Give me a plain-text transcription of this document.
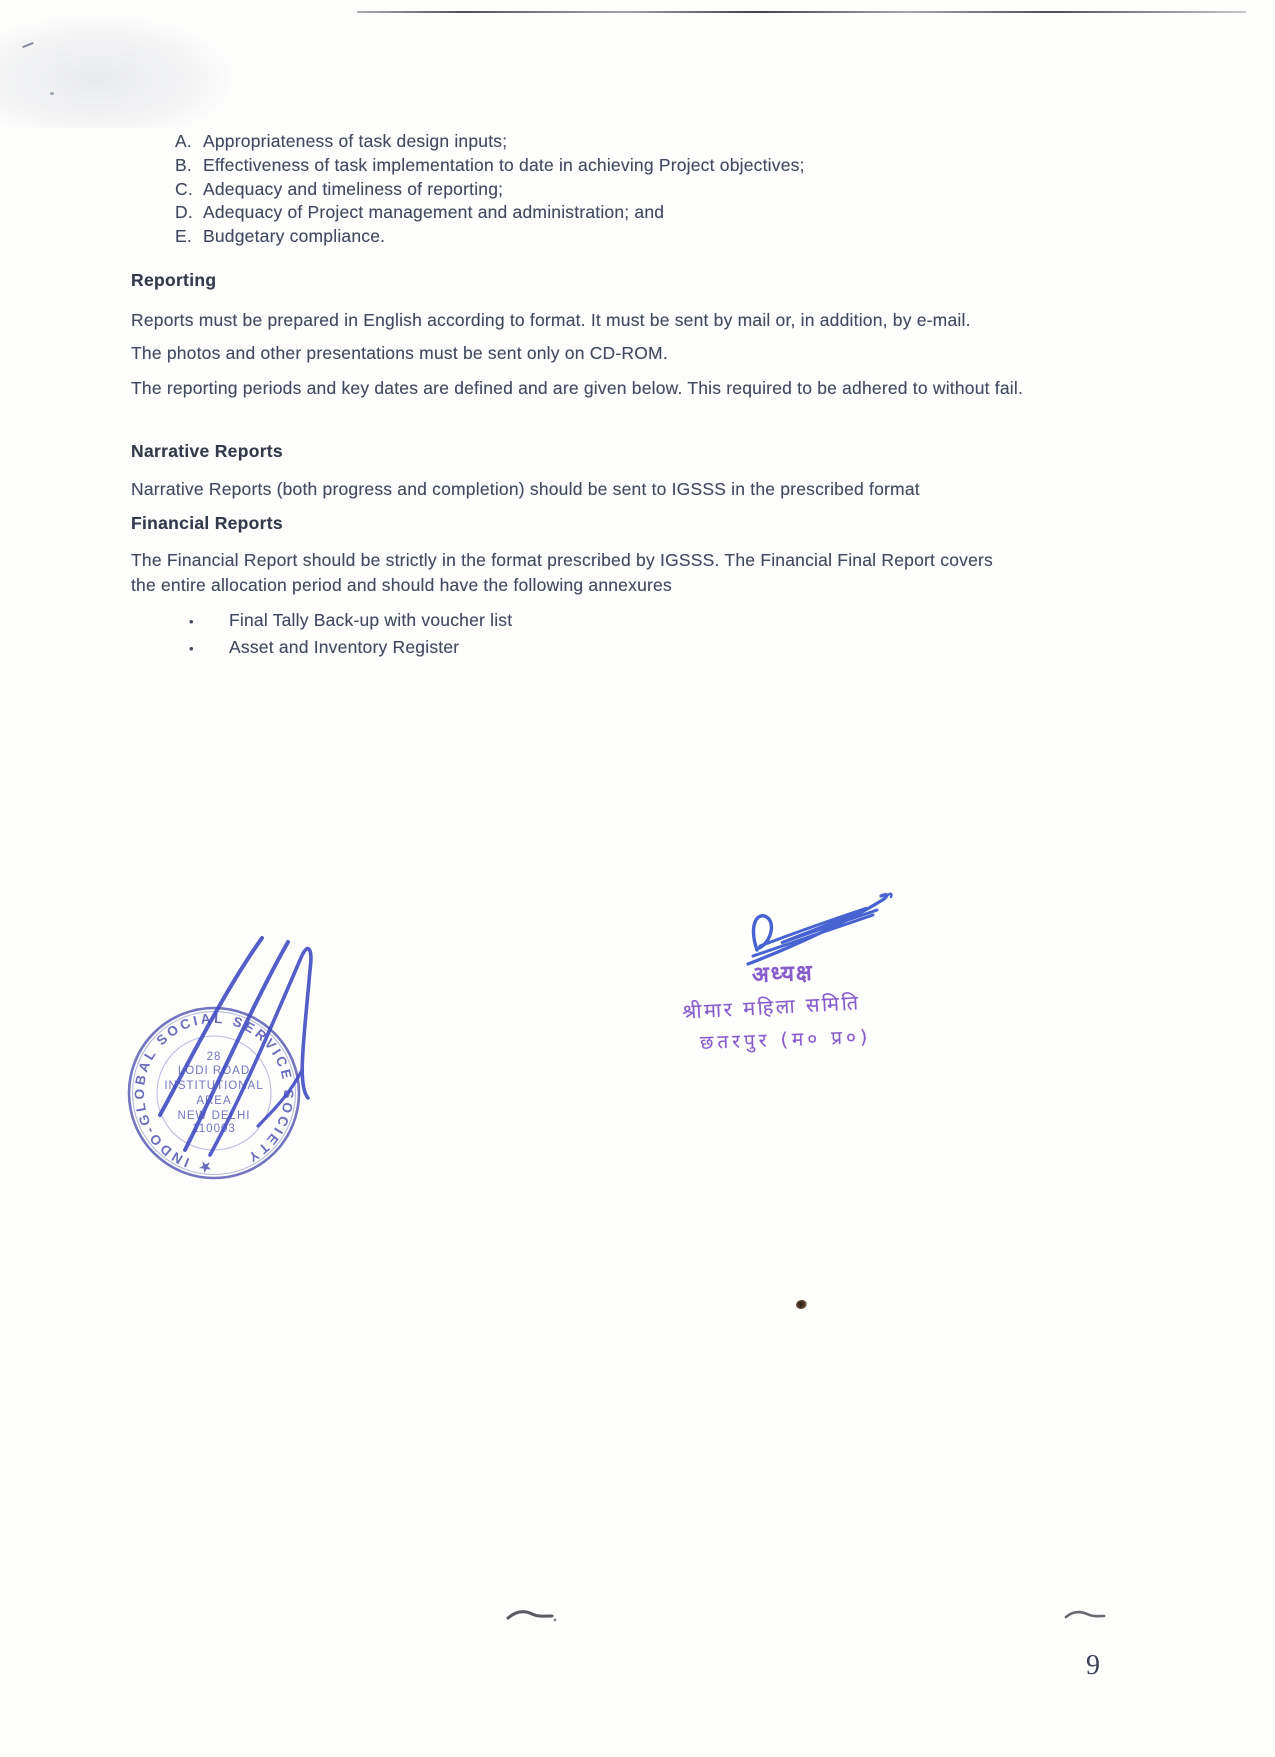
A. Appropriateness of task design inputs;
B. Effectiveness of task implementation to date in achieving Project objectives;
C. Adequacy and timeliness of reporting;
D. Adequacy of Project management and administration; and
E. Budgetary compliance.
Reporting
Reports must be prepared in English according to format. It must be sent by mail or, in addition, by e-mail.
The photos and other presentations must be sent only on CD-ROM.
The reporting periods and key dates are defined and are given below. This required to be adhered to without fail.
Narrative Reports
Narrative Reports (both progress and completion) should be sent to IGSSS in the prescribed format
Financial Reports
The Financial Report should be strictly in the format prescribed by IGSSS. The Financial Final Report covers the entire allocation period and should have the following annexures
•	Final Tally Back-up with voucher list
•	Asset and Inventory Register
अध्यक्ष
श्रीमार महिला समिति
छतरपुर (म० प्र०)
★ INDO-GLOBAL SOCIAL SERVICE SOCIETY
28
LODI ROAD
INSTITUTIONAL
AREA
NEW DELHI
110003
9
